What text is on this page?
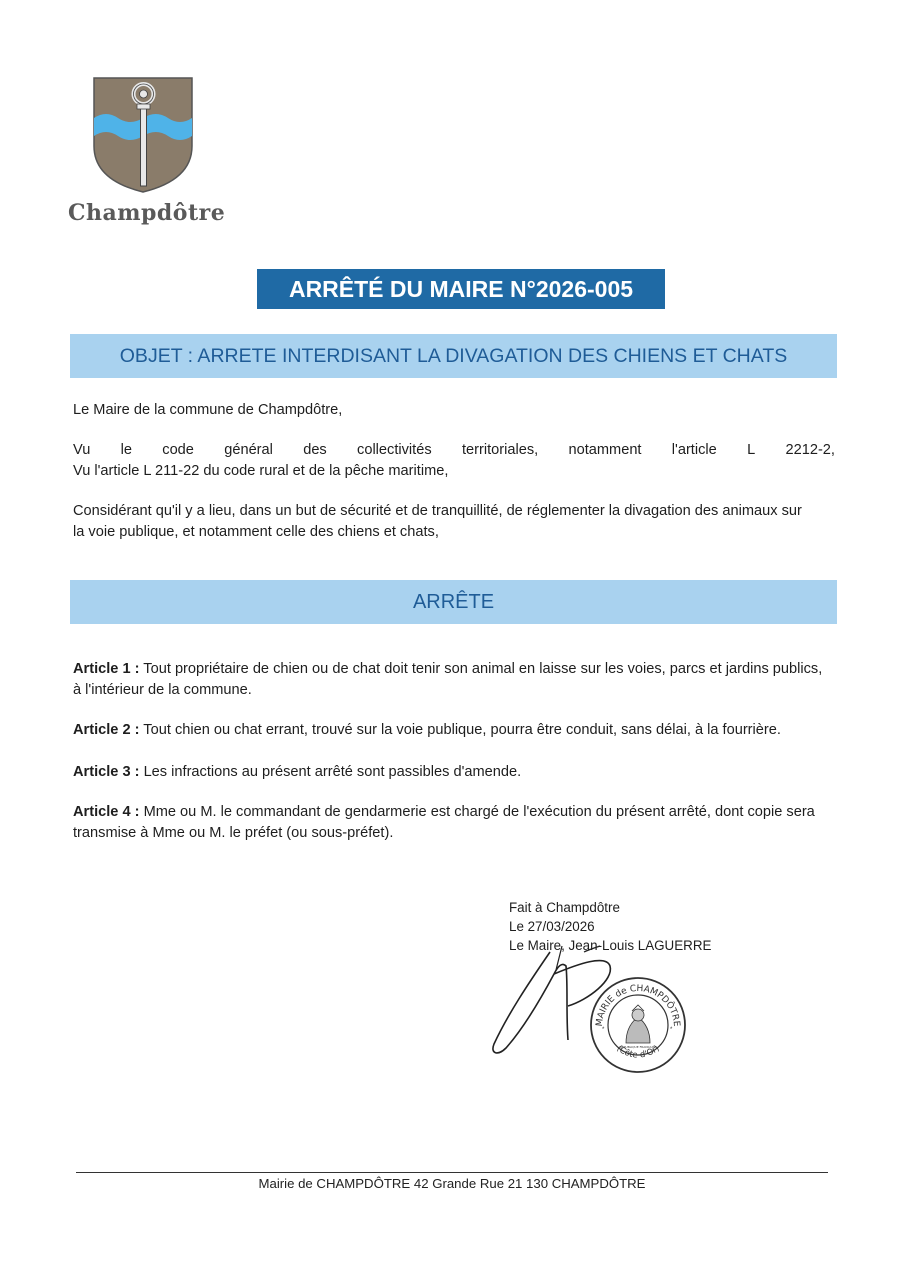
Champdôtre
ARRÊTÉ DU MAIRE N°2026-005
OBJET : ARRETE INTERDISANT LA DIVAGATION DES CHIENS ET CHATS
Le Maire de la commune de Champdôtre,
Vu le code général des collectivités territoriales, notamment l'article L 2212-2,
Vu l'article L 211-22 du code rural et de la pêche maritime,
Considérant qu'il y a lieu, dans un but de sécurité et de tranquillité, de réglementer la divagation des animaux sur
la voie publique, et notamment celle des chiens et chats,
ARRÊTE
Article 1 : Tout propriétaire de chien ou de chat doit tenir son animal en laisse sur les voies, parcs et jardins publics,
à l'intérieur de la commune.
Article 2 : Tout chien ou chat errant, trouvé sur la voie publique, pourra être conduit, sans délai, à la fourrière.
Article 3 : Les infractions au présent arrêté sont passibles d'amende.
Article 4 : Mme ou M. le commandant de gendarmerie est chargé de l'exécution du présent arrêté, dont copie sera
transmise à Mme ou M. le préfet (ou sous-préfet).
Fait à Champdôtre
Le 27/03/2026
Le Maire, Jean-Louis LAGUERRE
MAIRIE de CHAMPDÔTRE
(Côte-d'Or)
REPUBLIQUE FRANÇAISE
*	*
Mairie de CHAMPDÔTRE 42 Grande Rue 21 130 CHAMPDÔTRE
